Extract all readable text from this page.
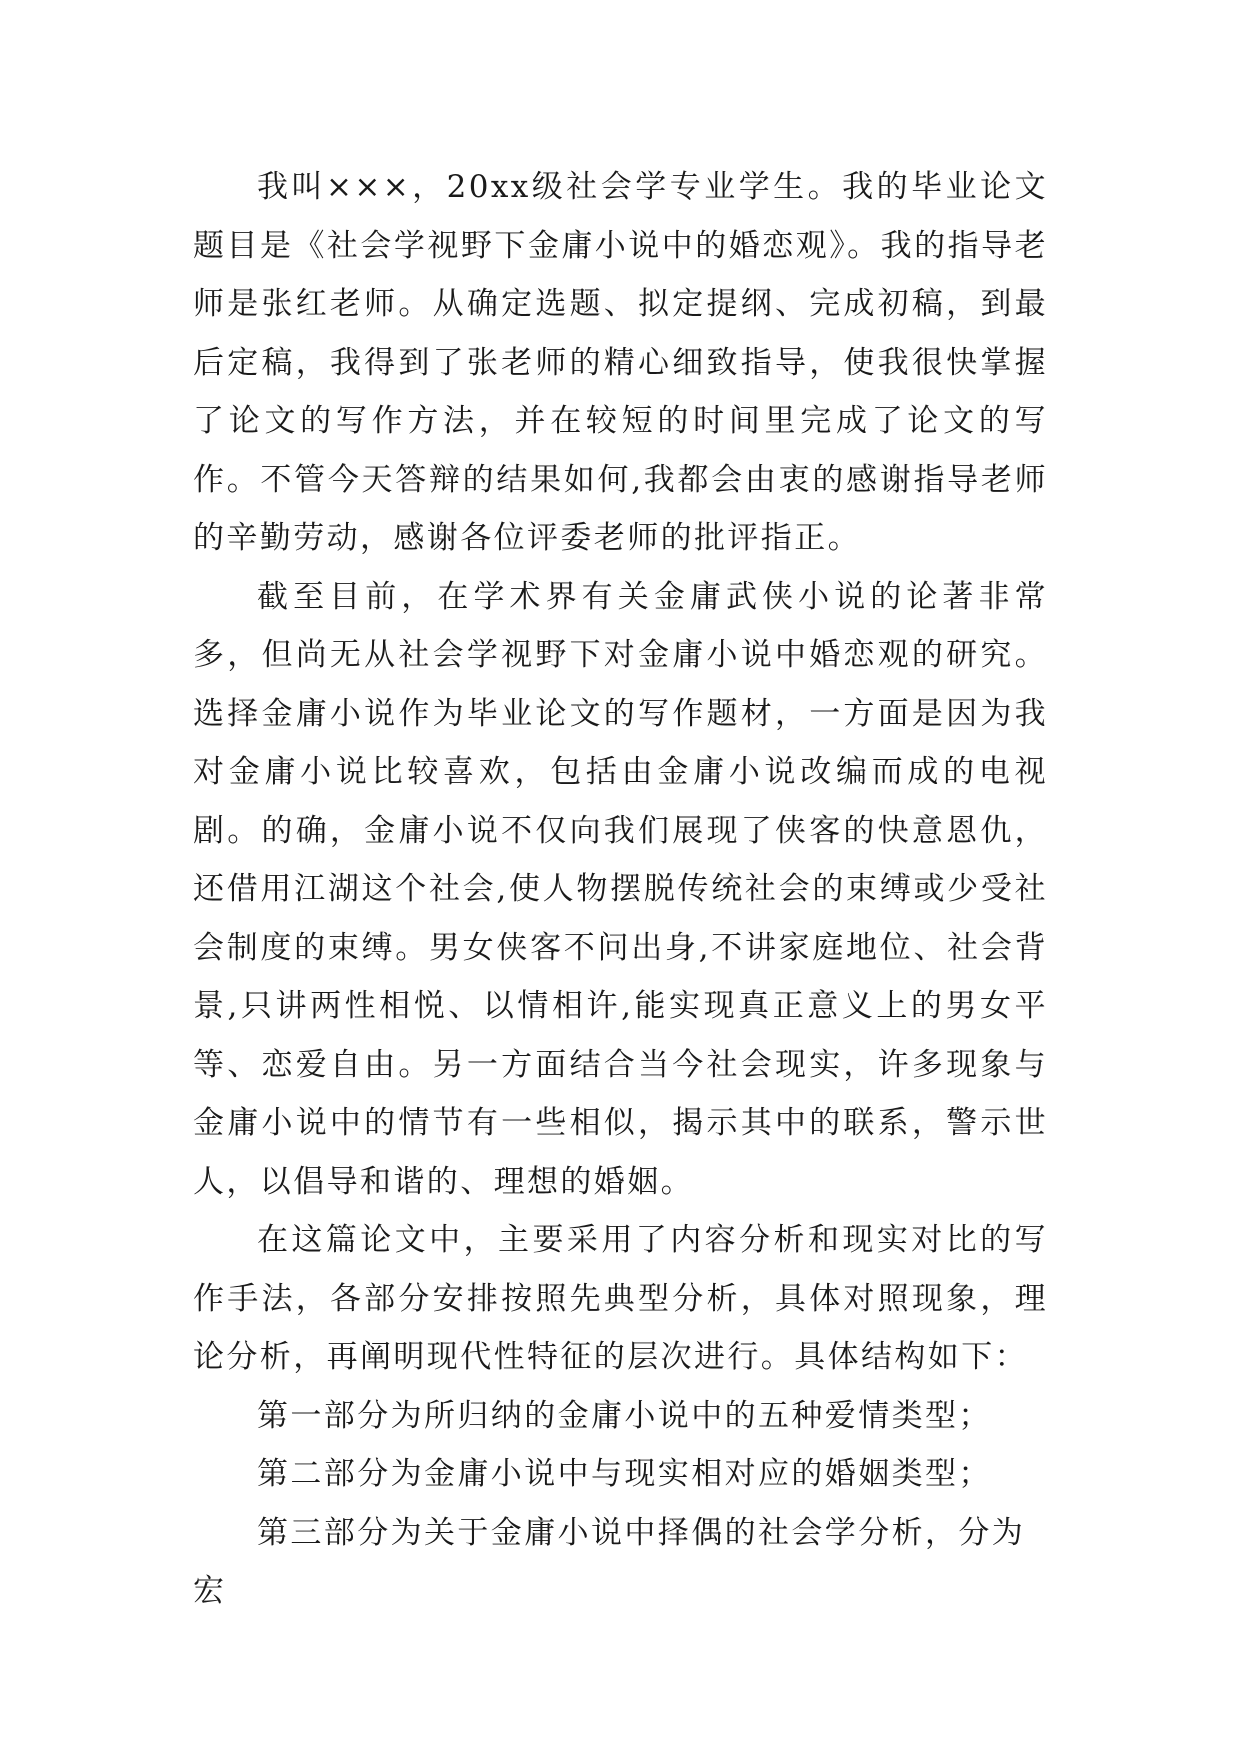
我叫×××，20xx级社会学专业学生。我的毕业论文题目是《社会学视野下金庸小说中的婚恋观》。我的指导老师是张红老师。从确定选题、拟定提纲、完成初稿，到最后定稿，我得到了张老师的精心细致指导，使我很快掌握了论文的写作方法，并在较短的时间里完成了论文的写作。不管今天答辩的结果如何,我都会由衷的感谢指导老师的辛勤劳动，感谢各位评委老师的批评指正。

截至目前，在学术界有关金庸武侠小说的论著非常多，但尚无从社会学视野下对金庸小说中婚恋观的研究。选择金庸小说作为毕业论文的写作题材，一方面是因为我对金庸小说比较喜欢，包括由金庸小说改编而成的电视剧。的确，金庸小说不仅向我们展现了侠客的快意恩仇，还借用江湖这个社会,使人物摆脱传统社会的束缚或少受社会制度的束缚。男女侠客不问出身,不讲家庭地位、社会背景,只讲两性相悦、以情相许,能实现真正意义上的男女平等、恋爱自由。另一方面结合当今社会现实，许多现象与金庸小说中的情节有一些相似，揭示其中的联系，警示世人，以倡导和谐的、理想的婚姻。

在这篇论文中，主要采用了内容分析和现实对比的写作手法，各部分安排按照先典型分析，具体对照现象，理论分析，再阐明现代性特征的层次进行。具体结构如下：

第一部分为所归纳的金庸小说中的五种爱情类型；

第二部分为金庸小说中与现实相对应的婚姻类型；

第三部分为关于金庸小说中择偶的社会学分析，分为宏
